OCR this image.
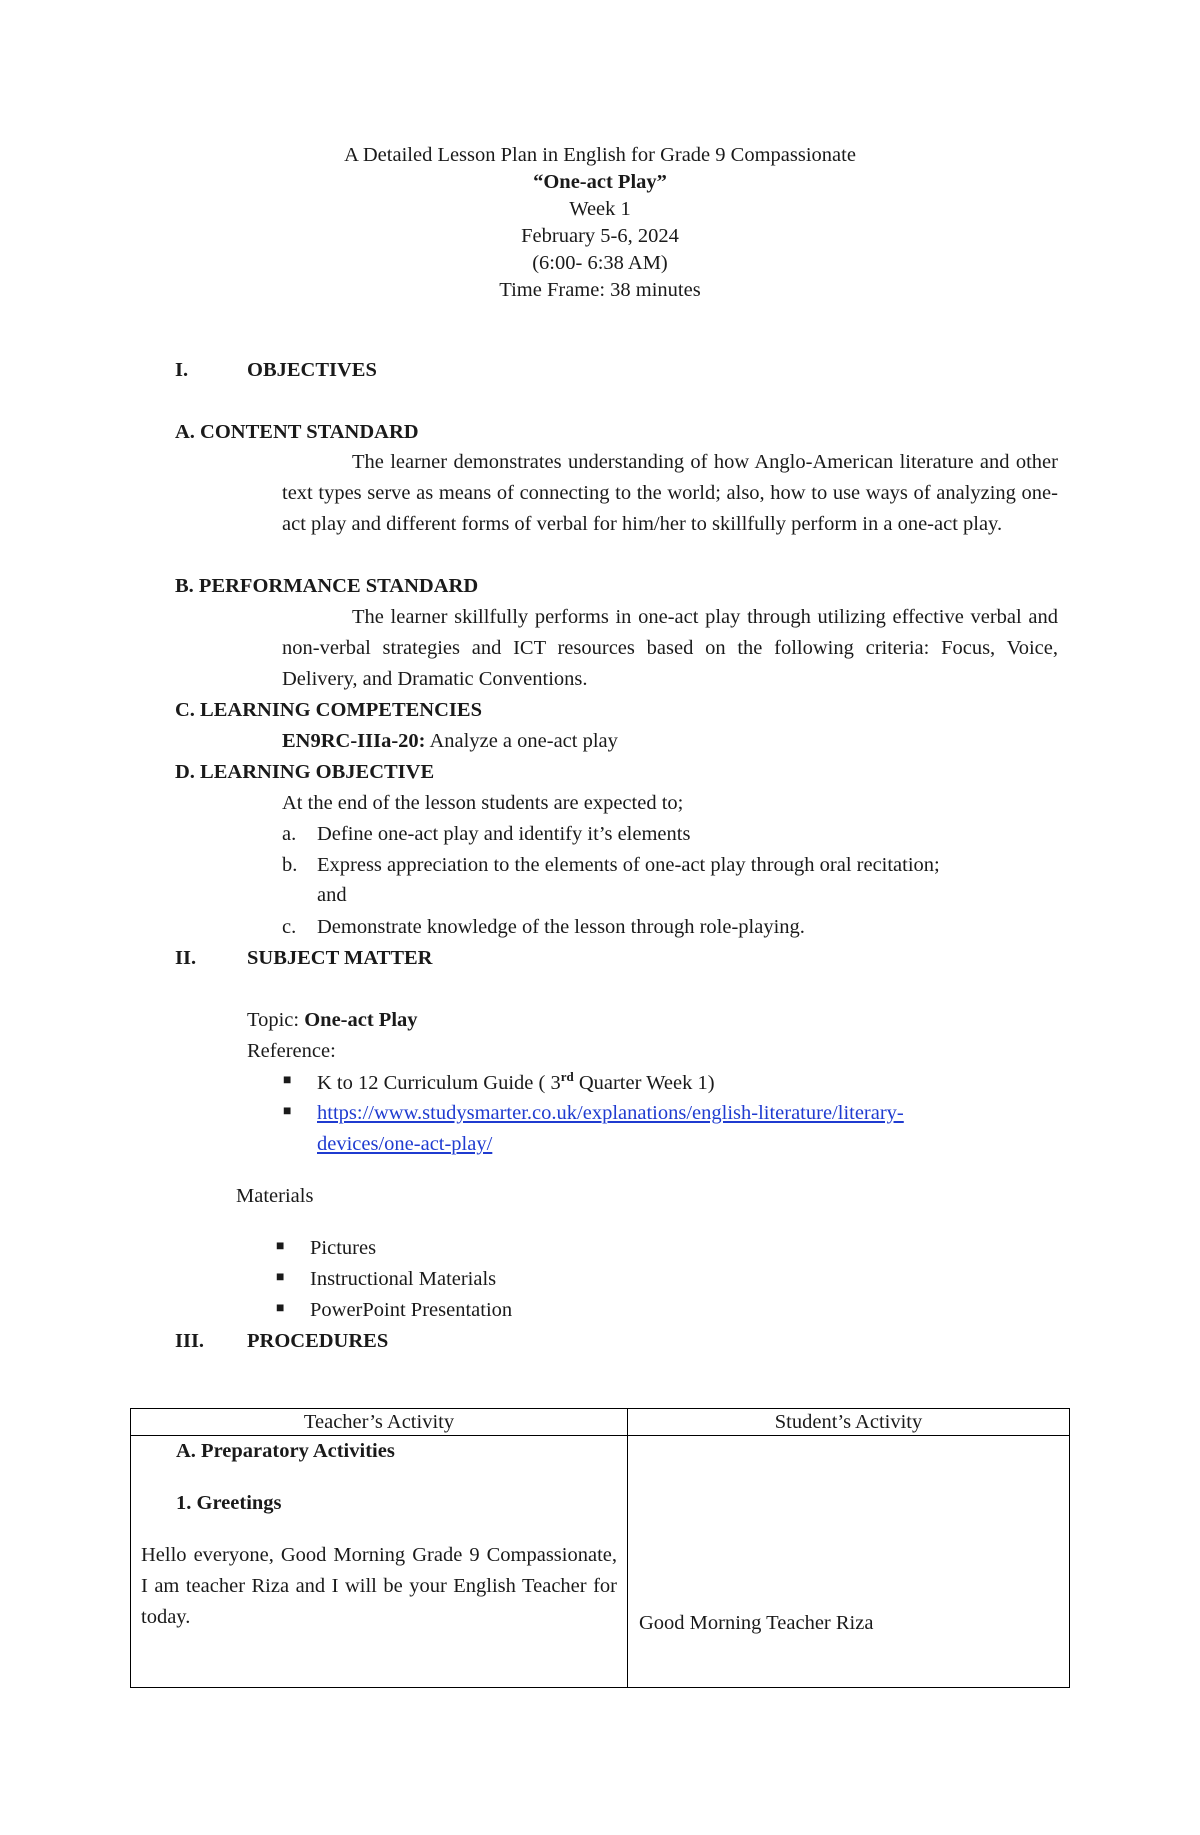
A Detailed Lesson Plan in English for Grade 9 Compassionate
“One-act Play”
Week 1
February 5-6, 2024
(6:00- 6:38 AM)
Time Frame: 38 minutes
I.	OBJECTIVES
A. CONTENT STANDARD
The learner demonstrates understanding of how Anglo-American literature and other text types serve as means of connecting to the world; also, how to use ways of analyzing one-act play and different forms of verbal for him/her to skillfully perform in a one-act play.
B. PERFORMANCE STANDARD
The learner skillfully performs in one-act play through utilizing effective verbal and non-verbal strategies and ICT resources based on the following criteria: Focus, Voice, Delivery, and Dramatic Conventions.
C. LEARNING COMPETENCIES
EN9RC-IIIa-20: Analyze a one-act play
D. LEARNING OBJECTIVE
At the end of the lesson students are expected to;
a. Define one-act play and identify it’s elements
b. Express appreciation to the elements of one-act play through oral recitation;
and
c. Demonstrate knowledge of the lesson through role-playing.
II. SUBJECT MATTER
Topic: One-act Play
Reference:
■ K to 12 Curriculum Guide ( 3rd Quarter Week 1)
■ https://www.studysmarter.co.uk/explanations/english-literature/literary-
devices/one-act-play/
Materials
■ Pictures
■ Instructional Materials
■ PowerPoint Presentation
III. PROCEDURES
Teacher’s Activity	Student’s Activity

A. Preparatory Activities
1. Greetings
Hello everyone, Good Morning Grade 9 Compassionate, I am teacher Riza and I will be your English Teacher for today.	Good Morning Teacher Riza
